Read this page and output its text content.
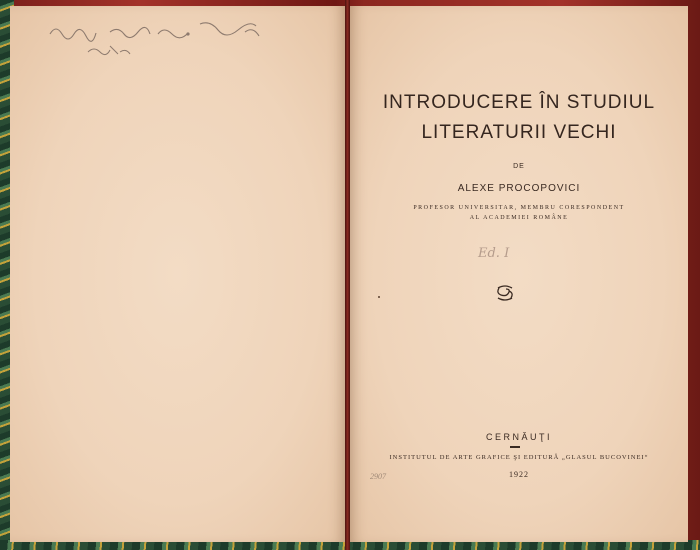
INTRODUCERE ÎN STUDIUL
LITERATURII VECHI
DE
ALEXE PROCOPOVICI
PROFESOR UNIVERSITAR, MEMBRU CORESPONDENT
AL ACADEMIEI ROMÂNE
Ed. I
CERNĂUŢI
INSTITUTUL DE ARTE GRAFICE ŞI EDITURĂ „GLASUL BUCOVINEI“
1922
2907
